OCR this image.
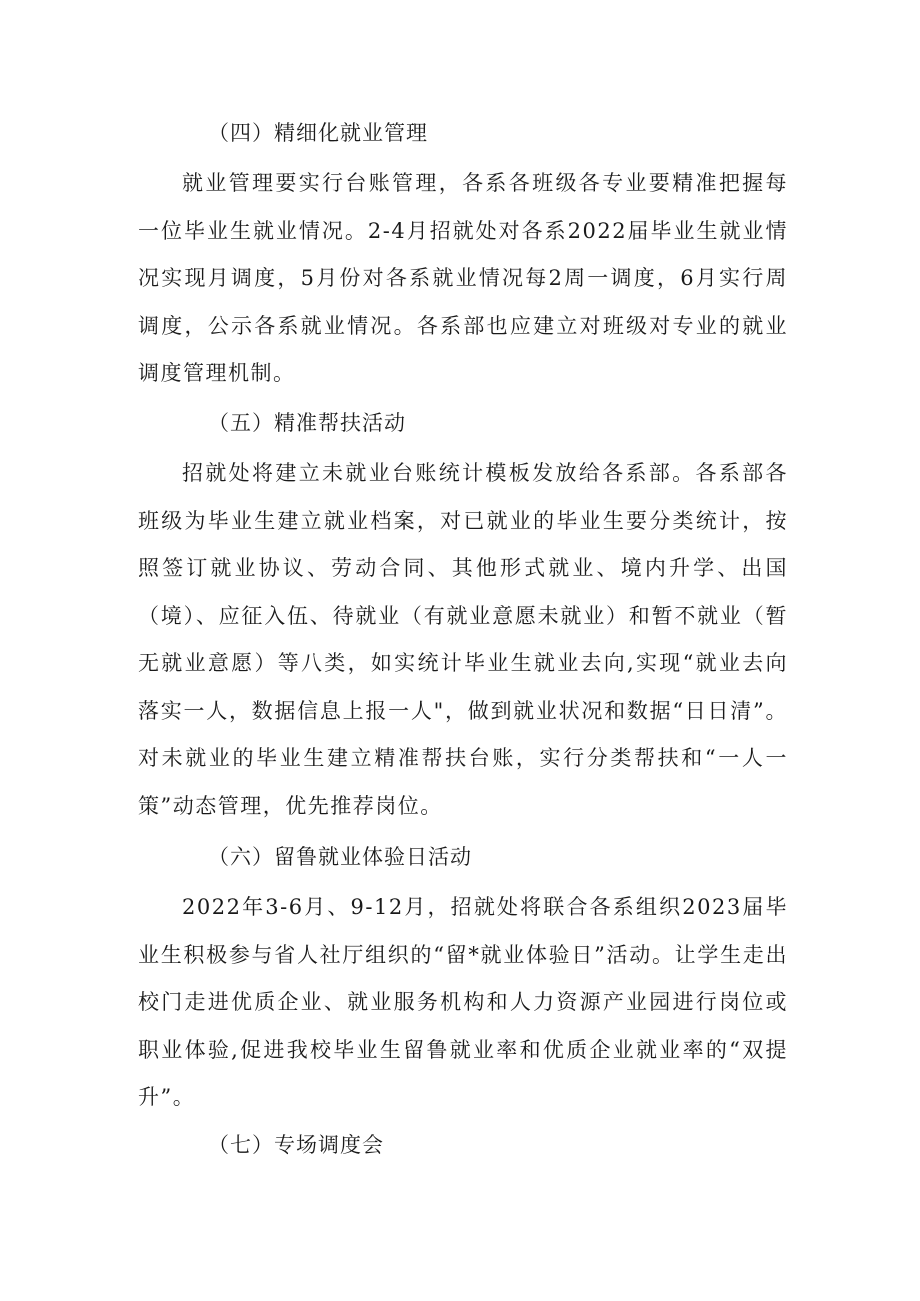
（四）精细化就业管理

就业管理要实行台账管理，各系各班级各专业要精准把握每一位毕业生就业情况。2-4月招就处对各系2022届毕业生就业情况实现月调度，5月份对各系就业情况每2周一调度，6月实行周调度，公示各系就业情况。各系部也应建立对班级对专业的就业调度管理机制。

（五）精准帮扶活动

招就处将建立未就业台账统计模板发放给各系部。各系部各班级为毕业生建立就业档案，对已就业的毕业生要分类统计，按照签订就业协议、劳动合同、其他形式就业、境内升学、出国（境）、应征入伍、待就业（有就业意愿未就业）和暂不就业（暂无就业意愿）等八类，如实统计毕业生就业去向,实现“就业去向落实一人，数据信息上报一人"，做到就业状况和数据“日日清”。对未就业的毕业生建立精准帮扶台账，实行分类帮扶和“一人一策”动态管理，优先推荐岗位。

（六）留鲁就业体验日活动

2022年3-6月、9-12月，招就处将联合各系组织2023届毕业生积极参与省人社厅组织的“留*就业体验日”活动。让学生走出校门走进优质企业、就业服务机构和人力资源产业园进行岗位或职业体验,促进我校毕业生留鲁就业率和优质企业就业率的“双提升”。

（七）专场调度会
